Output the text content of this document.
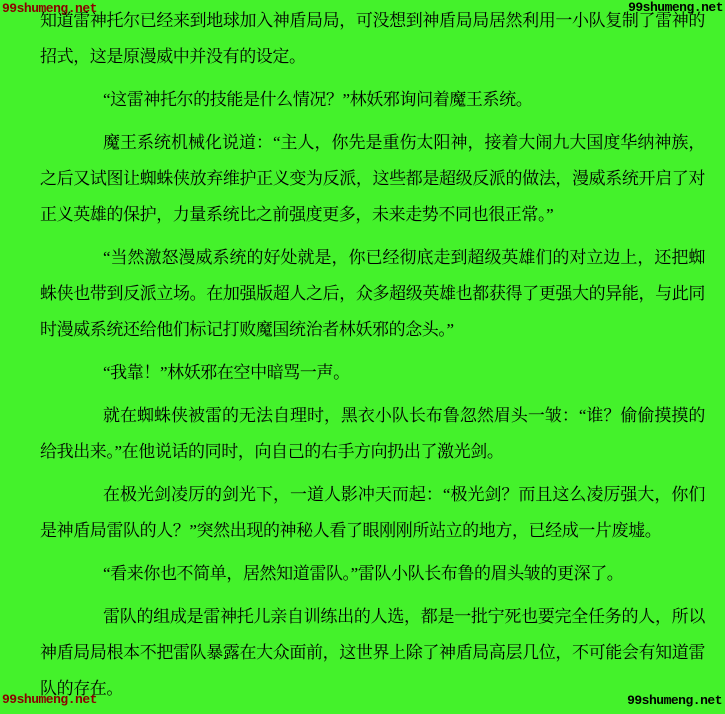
99shumeng.net	99shumeng.net

知道雷神托尔已经来到地球加入神盾局局，可没想到神盾局局居然利用一小队复制了雷神的招式，这是原漫威中并没有的设定。

“这雷神托尔的技能是什么情况？”林妖邪询问着魔王系统。

魔王系统机械化说道：“主人，你先是重伤太阳神，接着大闹九大国度华纳神族，之后又试图让蜘蛛侠放弃维护正义变为反派，这些都是超级反派的做法，漫威系统开启了对正义英雄的保护，力量系统比之前强度更多，未来走势不同也很正常。”

“当然激怒漫威系统的好处就是，你已经彻底走到超级英雄们的对立边上，还把蜘蛛侠也带到反派立场。在加强版超人之后，众多超级英雄也都获得了更强大的异能，与此同时漫威系统还给他们标记打败魔国统治者林妖邪的念头。”

“我靠！”林妖邪在空中暗骂一声。

就在蜘蛛侠被雷的无法自理时，黑衣小队长布鲁忽然眉头一皱：“谁？偷偷摸摸的给我出来。”在他说话的同时，向自己的右手方向扔出了激光剑。

在极光剑凌厉的剑光下，一道人影冲天而起：“极光剑？而且这么凌厉强大，你们是神盾局雷队的人？”突然出现的神秘人看了眼刚刚所站立的地方，已经成一片废墟。

“看来你也不简单，居然知道雷队。”雷队小队长布鲁的眉头皱的更深了。

雷队的组成是雷神托儿亲自训练出的人选，都是一批宁死也要完全任务的人，所以神盾局局根本不把雷队暴露在大众面前，这世界上除了神盾局高层几位，不可能会有知道雷队的存在。

99shumeng.net	99shumeng.net
